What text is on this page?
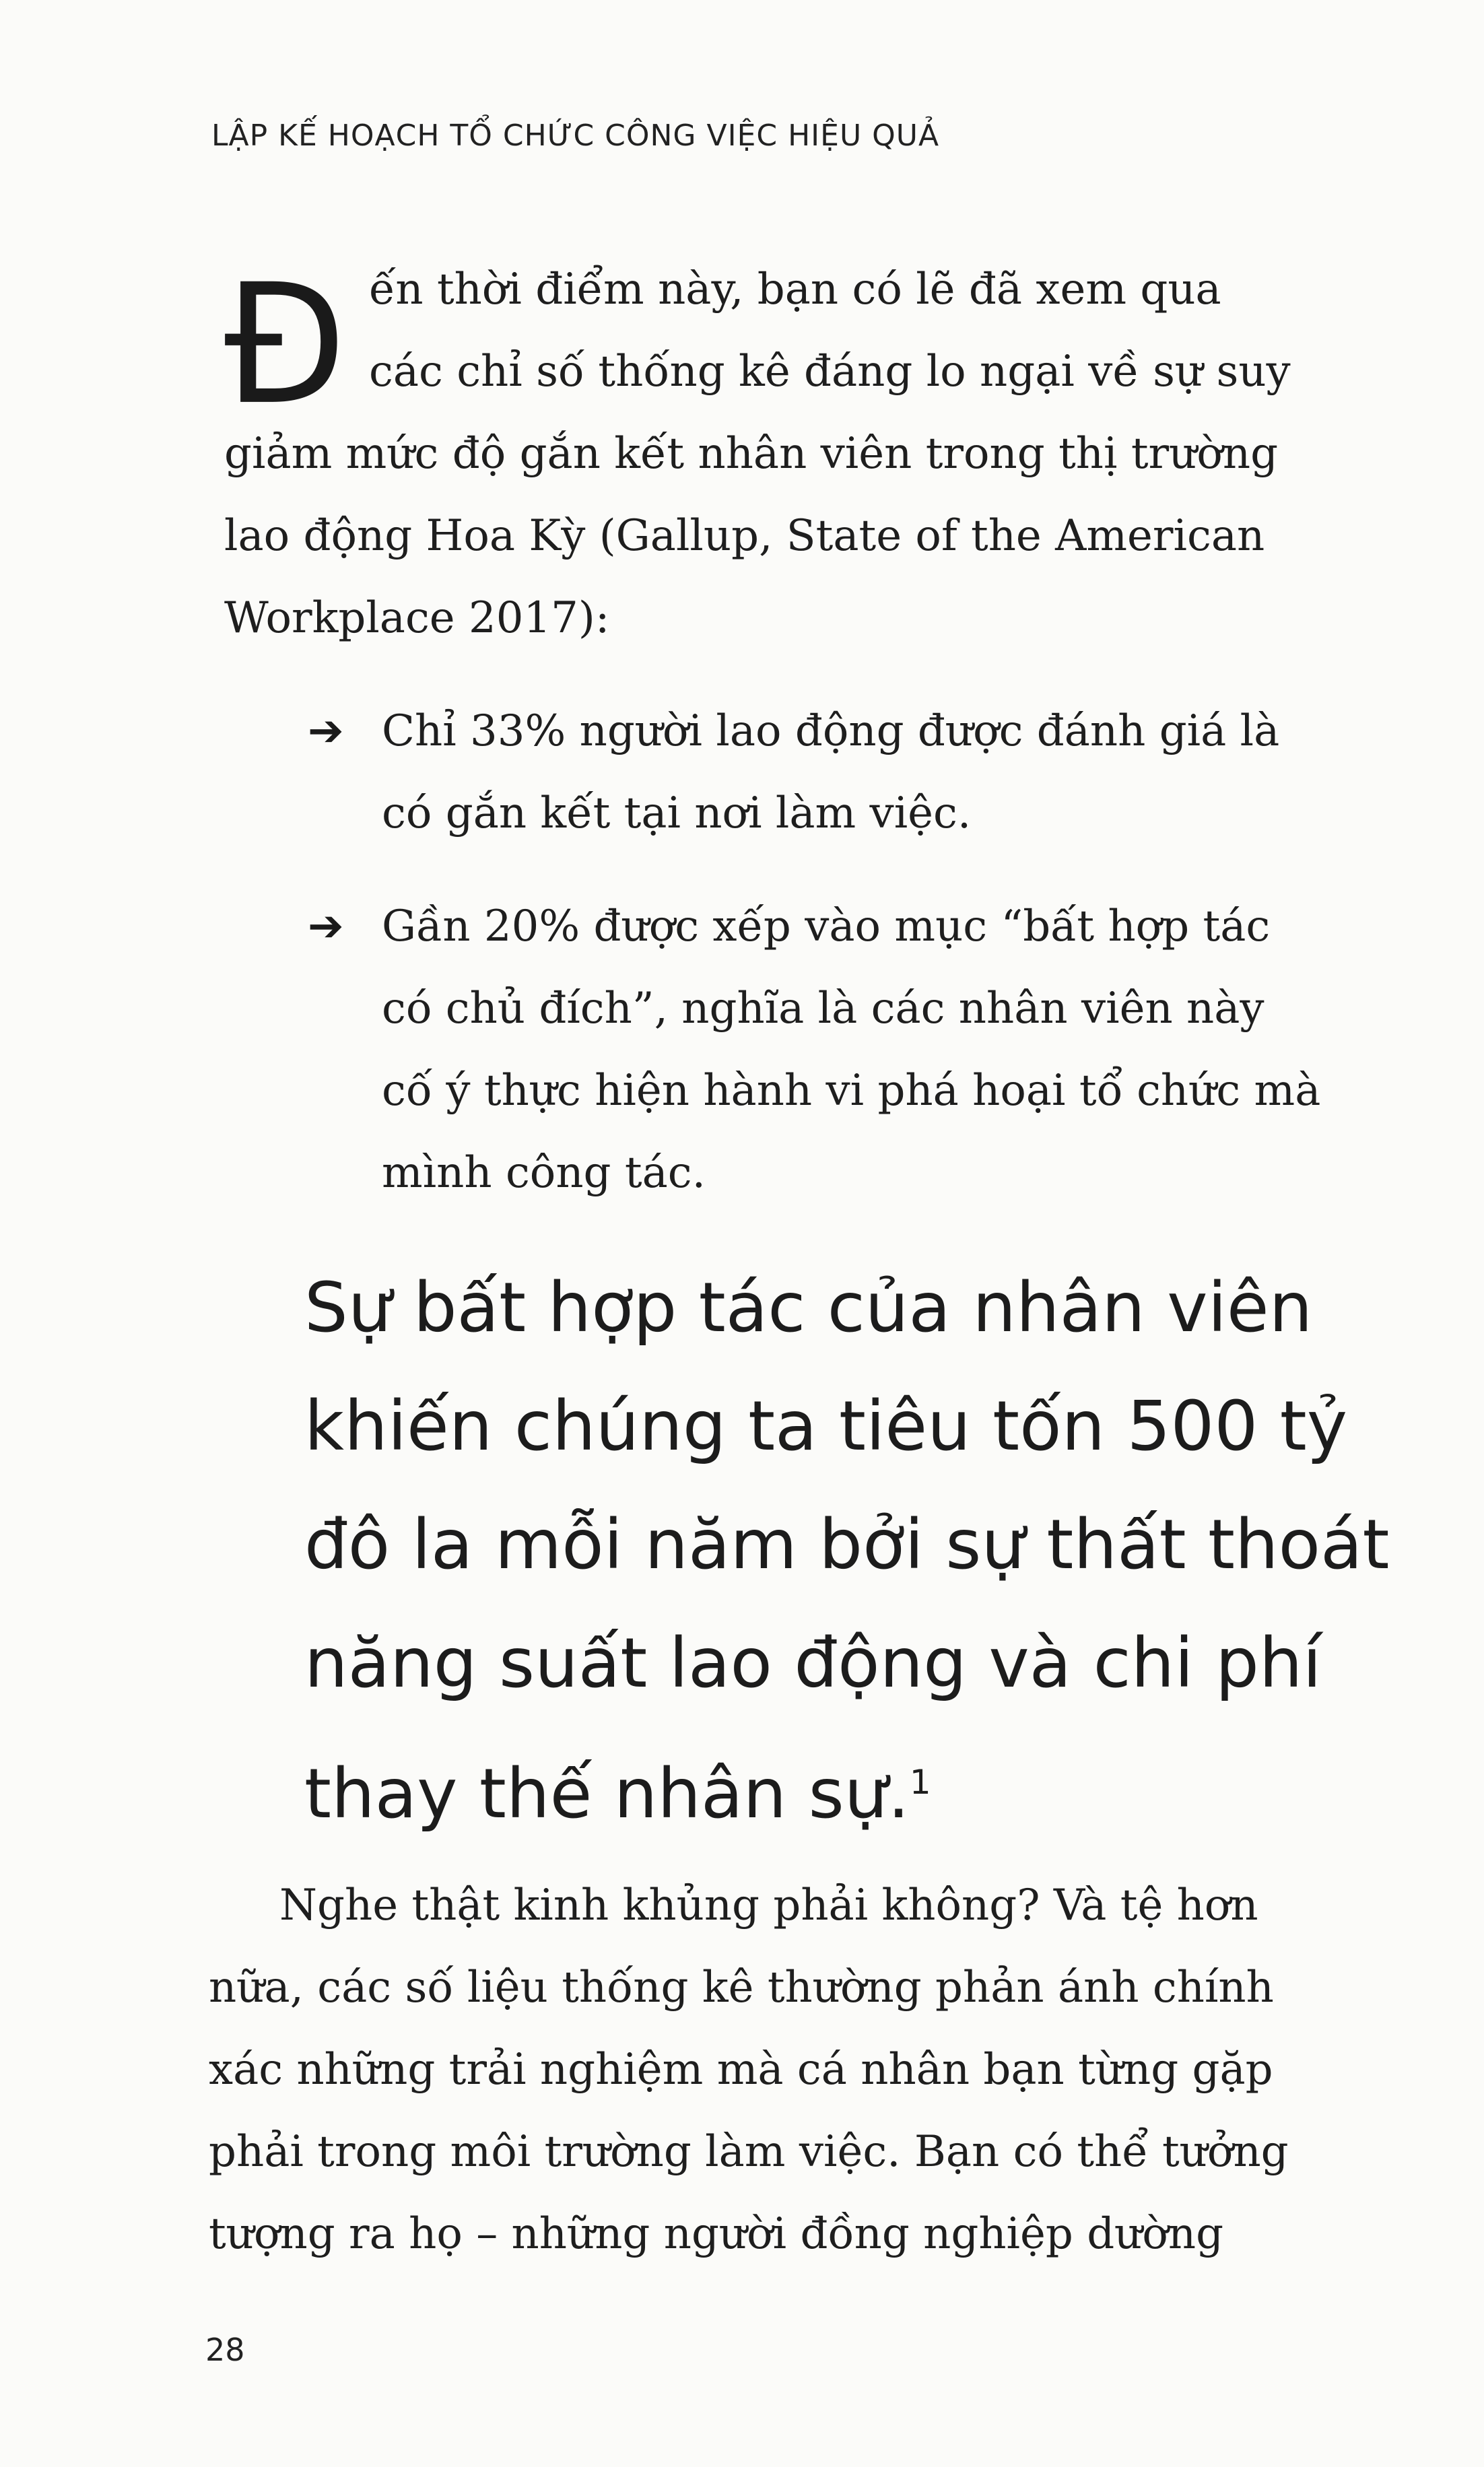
LẬP KẾ HOẠCH TỔ CHỨC CÔNG VIỆC HIỆU QUẢ
Đ ến thời điểm này, bạn có lẽ đã xem qua
các chỉ số thống kê đáng lo ngại về sự suy
giảm mức độ gắn kết nhân viên trong thị trường
lao động Hoa Kỳ (Gallup, State of the American
Workplace 2017):
➔ Chỉ 33% người lao động được đánh giá là
có gắn kết tại nơi làm việc.
➔ Gần 20% được xếp vào mục “bất hợp tác
có chủ đích”, nghĩa là các nhân viên này
cố ý thực hiện hành vi phá hoại tổ chức mà
mình công tác.
Sự bất hợp tác của nhân viên
khiến chúng ta tiêu tốn 500 tỷ
đô la mỗi năm bởi sự thất thoát
năng suất lao động và chi phí
thay thế nhân sự.$^1$
Nghe thật kinh khủng phải không? Và tệ hơn
nữa, các số liệu thống kê thường phản ánh chính
xác những trải nghiệm mà cá nhân bạn từng gặp
phải trong môi trường làm việc. Bạn có thể tưởng
tượng ra họ – những người đồng nghiệp dường
28
